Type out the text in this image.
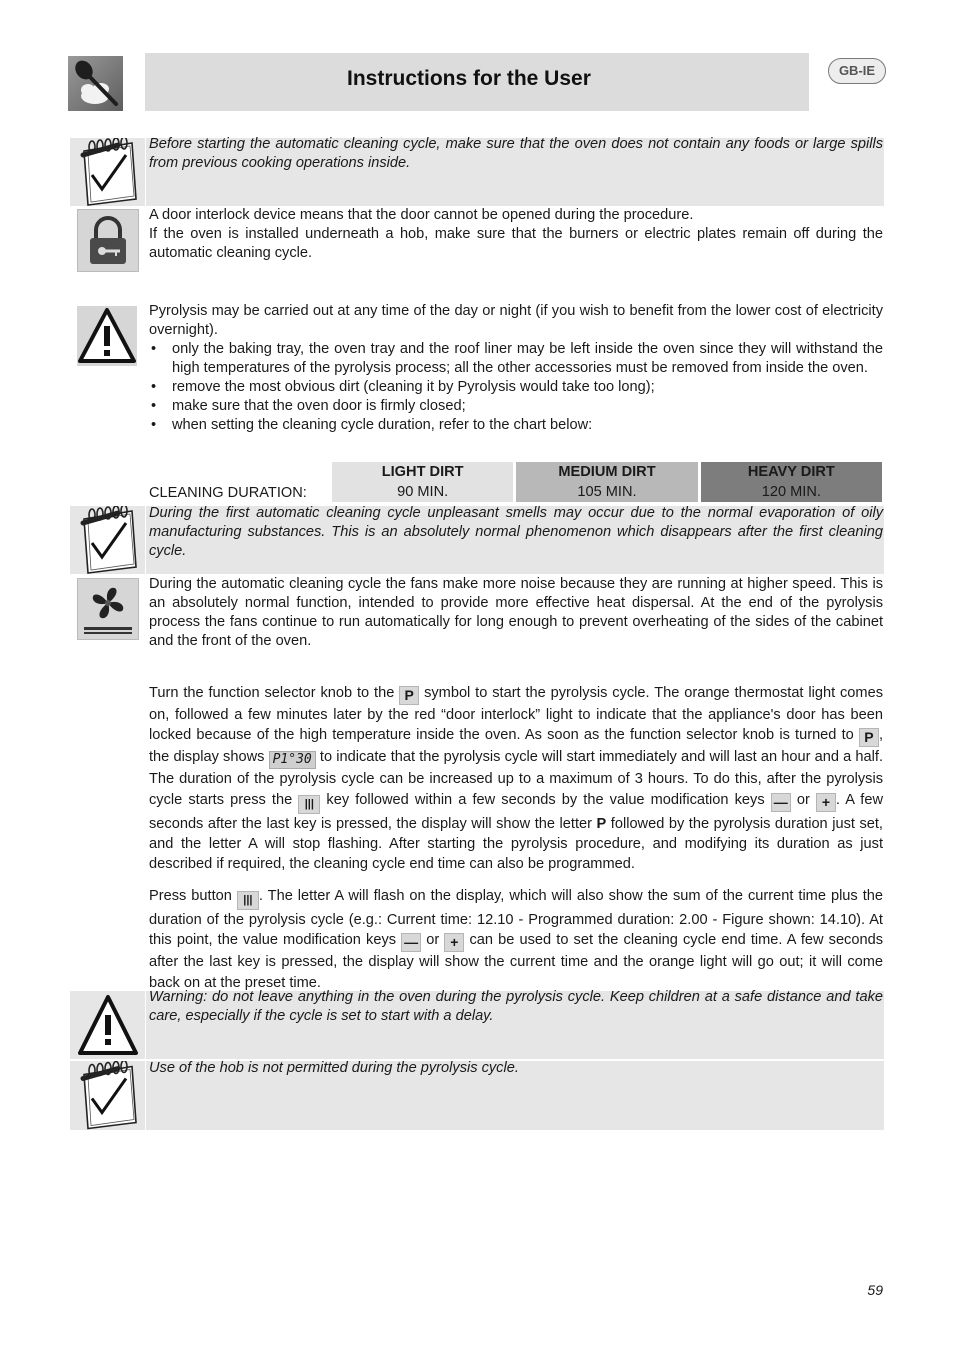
Instructions for the User	GB-IE

Before starting the automatic cleaning cycle, make sure that the oven does not contain any foods or large spills from previous cooking operations inside.

A door interlock device means that the door cannot be opened during the procedure.

If the oven is installed underneath a hob, make sure that the burners or electric plates remain off during the automatic cleaning cycle.

Pyrolysis may be carried out at any time of the day or night (if you wish to benefit from the lower cost of electricity overnight).

• only the baking tray, the oven tray and the roof liner may be left inside the oven since they will withstand the high temperatures of the pyrolysis process; all the other accessories must be removed from inside the oven.
• remove the most obvious dirt (cleaning it by Pyrolysis would take too long);
• make sure that the oven door is firmly closed;
• when setting the cleaning cycle duration, refer to the chart below:
CLEANING DURATION:
LIGHT DIRT	MEDIUM DIRT	HEAVY DIRT
90 MIN.	105 MIN.	120 MIN.

During the first automatic cleaning cycle unpleasant smells may occur due to the normal evaporation of oily manufacturing substances. This is an absolutely normal phenomenon which disappears after the first cleaning cycle.

During the automatic cleaning cycle the fans make more noise because they are running at higher speed. This is an absolutely normal function, intended to provide more effective heat dispersal. At the end of the pyrolysis process the fans continue to run automatically for long enough to prevent overheating of the sides of the cabinet and the front of the oven.

Turn the function selector knob to the P symbol to start the pyrolysis cycle. The orange thermostat light comes on, followed a few minutes later by the red “door interlock” light to indicate that the appliance's door has been locked because of the high temperature inside the oven. As soon as the function selector knob is turned to P , the display shows P1°30 to indicate that the pyrolysis cycle will start immediately and will last an hour and a half. The duration of the pyrolysis cycle can be increased up to a maximum of 3 hours. To do this, after the pyrolysis cycle starts press the ||| key followed within a few seconds by the value modification keys — or + . A few seconds after the last key is pressed, the display will show the letter P followed by the pyrolysis duration just set, and the letter A will stop flashing. After starting the pyrolysis procedure, and modifying its duration as just described if required, the cleaning cycle end time can also be programmed.

Press button ||| . The letter A will flash on the display, which will also show the sum of the current time plus the duration of the pyrolysis cycle (e.g.: Current time: 12.10 - Programmed duration: 2.00 - Figure shown: 14.10). At this point, the value modification keys — or + can be used to set the cleaning cycle end time. A few seconds after the last key is pressed, the display will show the current time and the orange light will go out; it will come back on at the preset time.

Warning: do not leave anything in the oven during the pyrolysis cycle. Keep children at a safe distance and take care, especially if the cycle is set to start with a delay.

Use of the hob is not permitted during the pyrolysis cycle.

59
